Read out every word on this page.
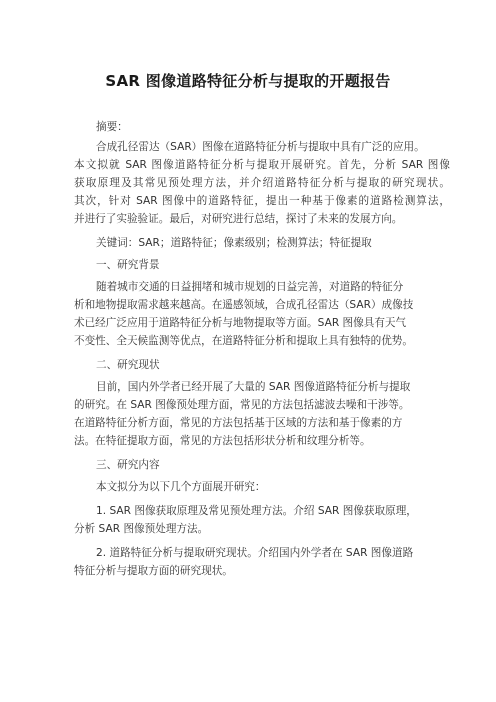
SAR 图像道路特征分析与提取的开题报告
摘要：
合成孔径雷达（SAR）图像在道路特征分析与提取中具有广泛的应用。
本文拟就 SAR 图像道路特征分析与提取开展研究。首先，分析 SAR 图像
获取原理及其常见预处理方法，并介绍道路特征分析与提取的研究现状。
其次，针对 SAR 图像中的道路特征，提出一种基于像素的道路检测算法，
并进行了实验验证。最后，对研究进行总结，探讨了未来的发展方向。
关键词：SAR；道路特征；像素级别；检测算法；特征提取
一、研究背景
随着城市交通的日益拥堵和城市规划的日益完善，对道路的特征分
析和地物提取需求越来越高。在遥感领域，合成孔径雷达（SAR）成像技
术已经广泛应用于道路特征分析与地物提取等方面。SAR 图像具有天气
不变性、全天候监测等优点，在道路特征分析和提取上具有独特的优势。
二、研究现状
目前，国内外学者已经开展了大量的 SAR 图像道路特征分析与提取
的研究。在 SAR 图像预处理方面，常见的方法包括滤波去噪和干涉等。
在道路特征分析方面，常见的方法包括基于区域的方法和基于像素的方
法。在特征提取方面，常见的方法包括形状分析和纹理分析等。
三、研究内容
本文拟分为以下几个方面展开研究：
1. SAR 图像获取原理及常见预处理方法。介绍 SAR 图像获取原理，
分析 SAR 图像预处理方法。
2. 道路特征分析与提取研究现状。介绍国内外学者在 SAR 图像道路
特征分析与提取方面的研究现状。
